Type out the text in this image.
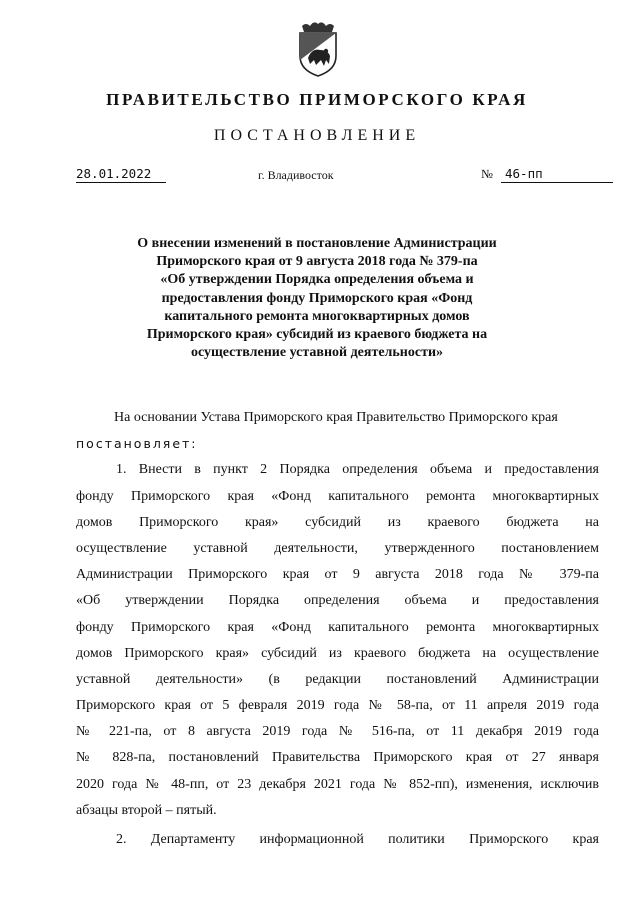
ПРАВИТЕЛЬСТВО ПРИМОРСКОГО КРАЯ
ПОСТАНОВЛЕНИЕ
28.01.2022	г. Владивосток	№ 46-пп
О внесении изменений в постановление Администрации
Приморского края от 9 августа 2018 года № 379-па
«Об утверждении Порядка определения объема и
предоставления фонду Приморского края «Фонд
капитального ремонта многоквартирных домов
Приморского края» субсидий из краевого бюджета на
осуществление уставной деятельности»
На основании Устава Приморского края Правительство Приморского края
постановляет:
1. Внести в пункт 2 Порядка определения объема и предоставления
фонду Приморского края «Фонд капитального ремонта многоквартирных
домов Приморского края» субсидий из краевого бюджета на
осуществление уставной деятельности, утвержденного постановлением
Администрации Приморского края от 9 августа 2018 года № 379-па
«Об утверждении Порядка определения объема и предоставления
фонду Приморского края «Фонд капитального ремонта многоквартирных
домов Приморского края» субсидий из краевого бюджета на осуществление
уставной деятельности» (в редакции постановлений Администрации
Приморского края от 5 февраля 2019 года № 58-па, от 11 апреля 2019 года
№ 221-па, от 8 августа 2019 года № 516-па, от 11 декабря 2019 года
№ 828-па, постановлений Правительства Приморского края от 27 января
2020 года № 48-пп, от 23 декабря 2021 года № 852-пп), изменения, исключив
абзацы второй – пятый.
2. Департаменту информационной политики Приморского края
